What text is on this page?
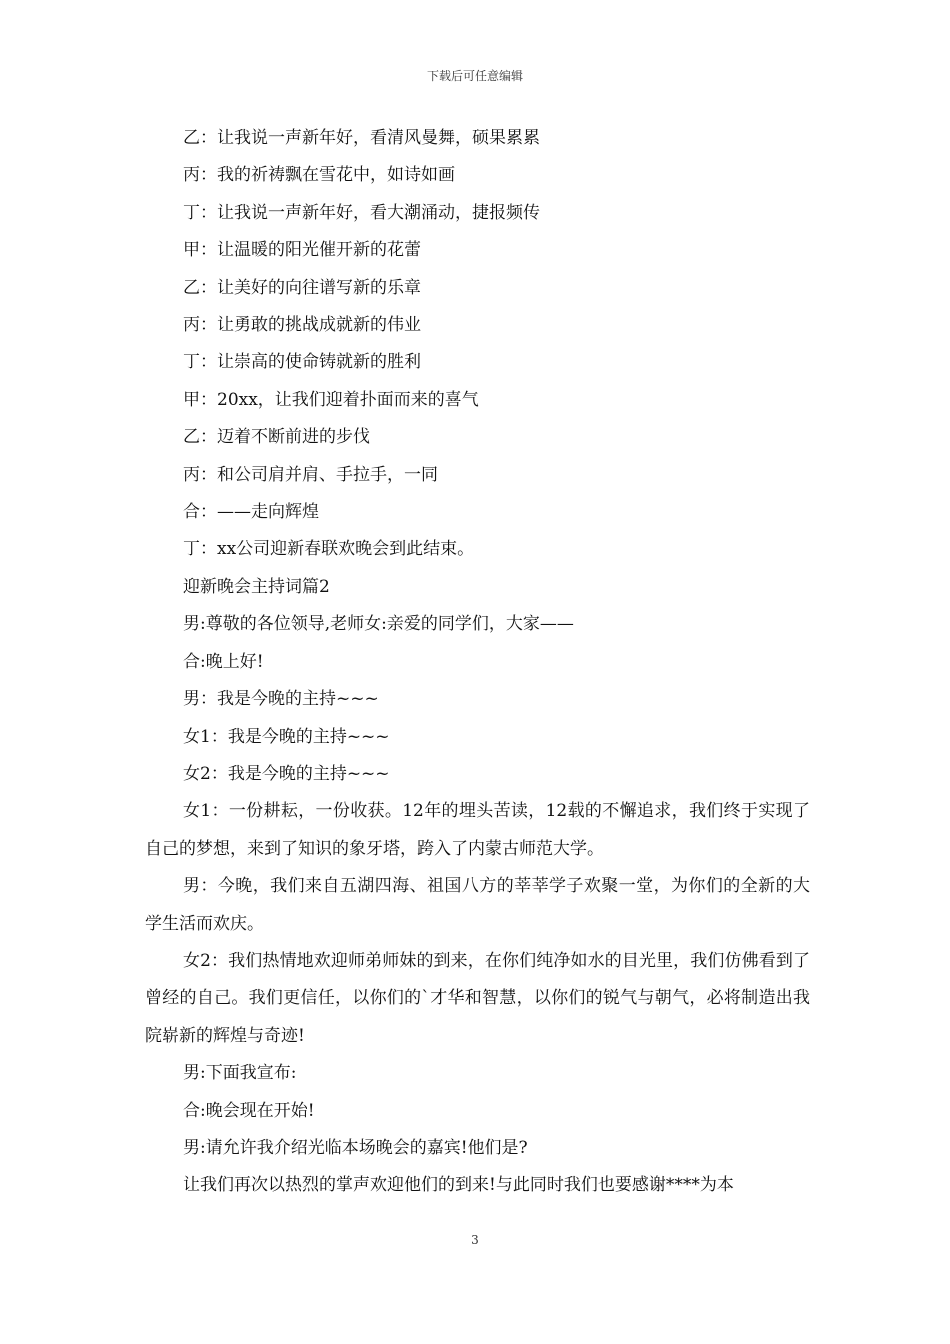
下载后可任意编辑

乙：让我说一声新年好，看清风曼舞，硕果累累

丙：我的祈祷飘在雪花中，如诗如画

丁：让我说一声新年好，看大潮涌动，捷报频传

甲：让温暖的阳光催开新的花蕾

乙：让美好的向往谱写新的乐章

丙：让勇敢的挑战成就新的伟业

丁：让崇高的使命铸就新的胜利

甲：20xx，让我们迎着扑面而来的喜气

乙：迈着不断前进的步伐

丙：和公司肩并肩、手拉手，一同

合：——走向辉煌

丁：xx公司迎新春联欢晚会到此结束。

迎新晚会主持词篇2

男:尊敬的各位领导,老师女:亲爱的同学们，大家——

合:晚上好!

男：我是今晚的主持~~~

女1：我是今晚的主持~~~

女2：我是今晚的主持~~~

女1：一份耕耘，一份收获。12年的埋头苦读，12载的不懈追求，我们终于实现了自己的梦想，来到了知识的象牙塔，跨入了内蒙古师范大学。

男：今晚，我们来自五湖四海、祖国八方的莘莘学子欢聚一堂，为你们的全新的大学生活而欢庆。

女2：我们热情地欢迎师弟师妹的到来，在你们纯净如水的目光里，我们仿佛看到了曾经的自己。我们更信任，以你们的`才华和智慧，以你们的锐气与朝气，必将制造出我院崭新的辉煌与奇迹!

男:下面我宣布:

合:晚会现在开始!

男:请允许我介绍光临本场晚会的嘉宾!他们是?

让我们再次以热烈的掌声欢迎他们的到来!与此同时我们也要感谢****为本

3
